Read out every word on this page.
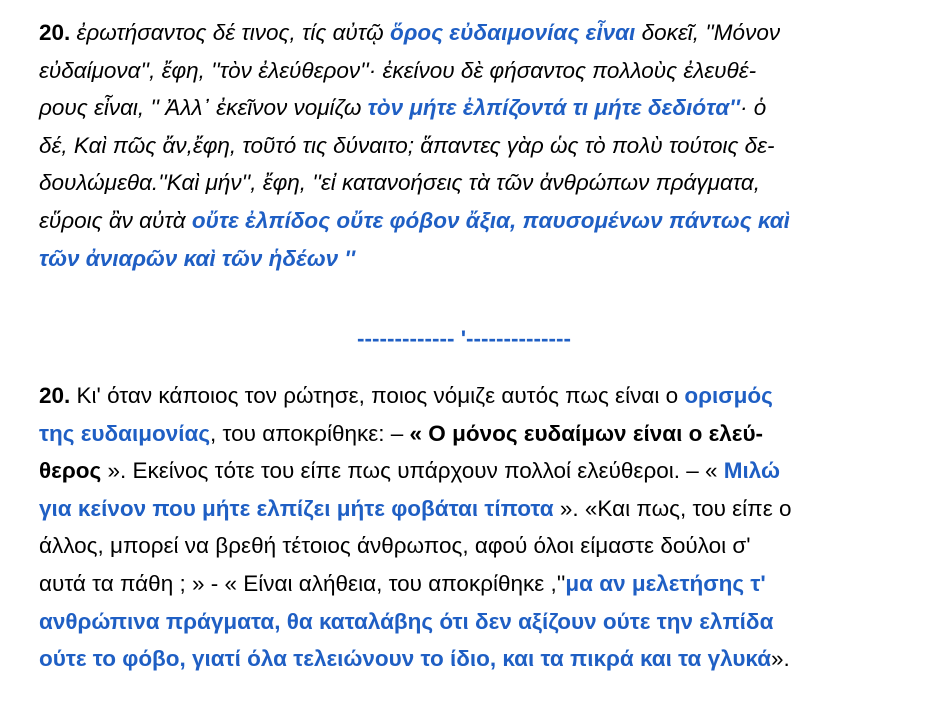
20. ἐρωτήσαντος δέ τινος, τίς αὐτῷ ὅρος εὐδαιμονίας εἶναι δοκεῖ, ''Μόνον
εὐδαίμονα'', ἔφη, ''τὸν ἐλεύθερον''· ἐκείνου δὲ φήσαντος πολλοὺς ἐλευθέ-
ρους εἶναι, '' Ἀλλ᾽ ἐκεῖνον νομίζω τὸν μήτε ἐλπίζοντά τι μήτε δεδιότα''· ὁ
δέ, Καὶ πῶς ἄν,ἔφη, τοῦτό τις δύναιτο; ἅπαντες γὰρ ὡς τὸ πολὺ τούτοις δε-
δουλώμεθα.''Καὶ μήν'', ἔφη, ''εἰ κατανοήσεις τὰ τῶν ἀνθρώπων πράγματα,
εὕροις ἂν αὐτὰ οὔτε ἐλπίδος οὔτε φόβον ἄξια, παυσομένων πάντως καὶ
τῶν ἀνιαρῶν καὶ τῶν ἡδέων ''
------------- '--------------
20. Κι' όταν κάποιος τον ρώτησε, ποιος νόμιζε αυτός πως είναι ο ορισμός
της ευδαιμονίας, του αποκρίθηκε: – « Ο μόνος ευδαίμων είναι ο ελεύ-
θερος ». Εκείνος τότε του είπε πως υπάρχουν πολλοί ελεύθεροι. – « Μιλώ
για κείνον που μήτε ελπίζει μήτε φοβάται τίποτα ». «Και πως, του είπε ο
άλλος, μπορεί να βρεθή τέτοιος άνθρωπος, αφού όλοι είμαστε δούλοι σ'
αυτά τα πάθη ; » - « Είναι αλήθεια, του αποκρίθηκε ,''μα αν μελετήσης τ'
ανθρώπινα πράγματα, θα καταλάβης ότι δεν αξίζουν ούτε την ελπίδα
ούτε το φόβο, γιατί όλα τελειώνουν το ίδιο, και τα πικρά και τα γλυκά».
